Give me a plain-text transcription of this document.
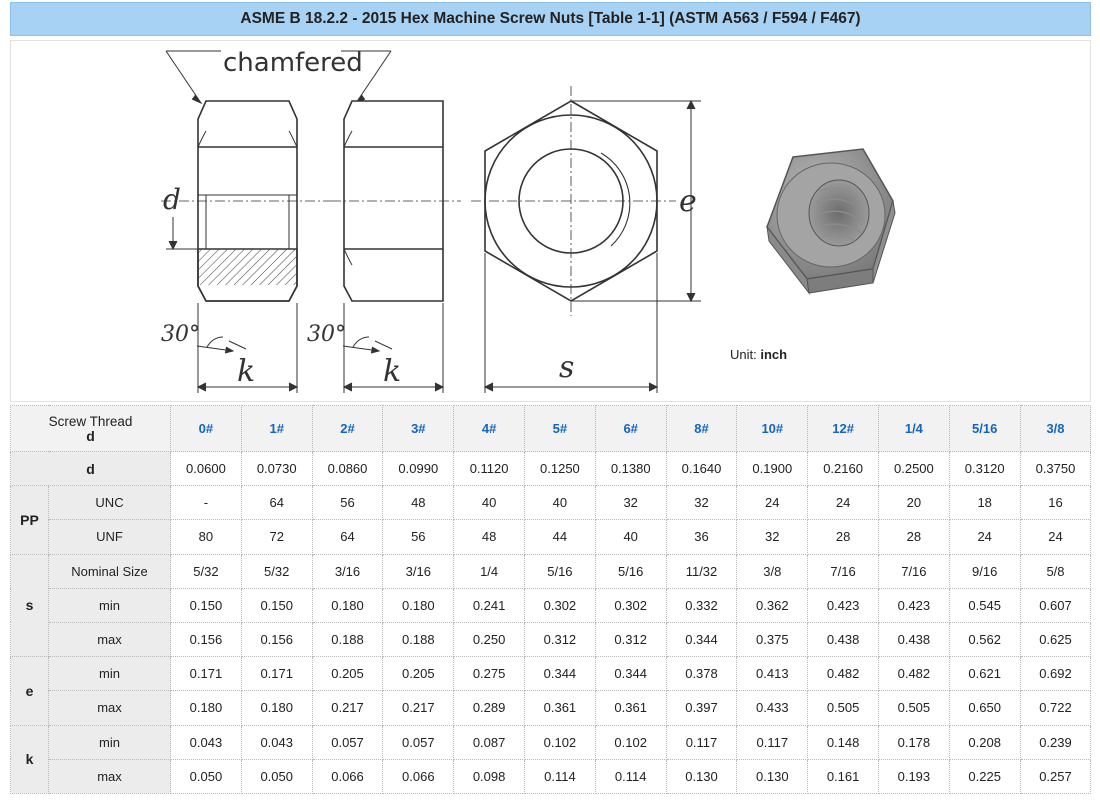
ASME B 18.2.2 - 2015 Hex Machine Screw Nuts [Table 1-1] (ASTM A563 / F594 / F467)
d
chamfered
30°
k
30°
k
e
s	Unit: inch
Screw Thread
d		0#	1#	2#	3#	4#	5#	6#	8#	10#	12#	1/4	5/16	3/8
d		0.0600	0.0730	0.0860	0.0990	0.1120	0.1250	0.1380	0.1640	0.1900	0.2160	0.2500	0.3120	0.3750
PP	UNC	-	64	56	48	40	40	32	32	24	24	20	18	16
	UNF	80	72	64	56	48	44	40	36	32	28	28	24	24
s	Nominal Size	5/32	5/32	3/16	3/16	1/4	5/16	5/16	11/32	3/8	7/16	7/16	9/16	5/8
	min	0.150	0.150	0.180	0.180	0.241	0.302	0.302	0.332	0.362	0.423	0.423	0.545	0.607
	max	0.156	0.156	0.188	0.188	0.250	0.312	0.312	0.344	0.375	0.438	0.438	0.562	0.625
e	min	0.171	0.171	0.205	0.205	0.275	0.344	0.344	0.378	0.413	0.482	0.482	0.621	0.692
	max	0.180	0.180	0.217	0.217	0.289	0.361	0.361	0.397	0.433	0.505	0.505	0.650	0.722
k	min	0.043	0.043	0.057	0.057	0.087	0.102	0.102	0.117	0.117	0.148	0.178	0.208	0.239
	max	0.050	0.050	0.066	0.066	0.098	0.114	0.114	0.130	0.130	0.161	0.193	0.225	0.257
